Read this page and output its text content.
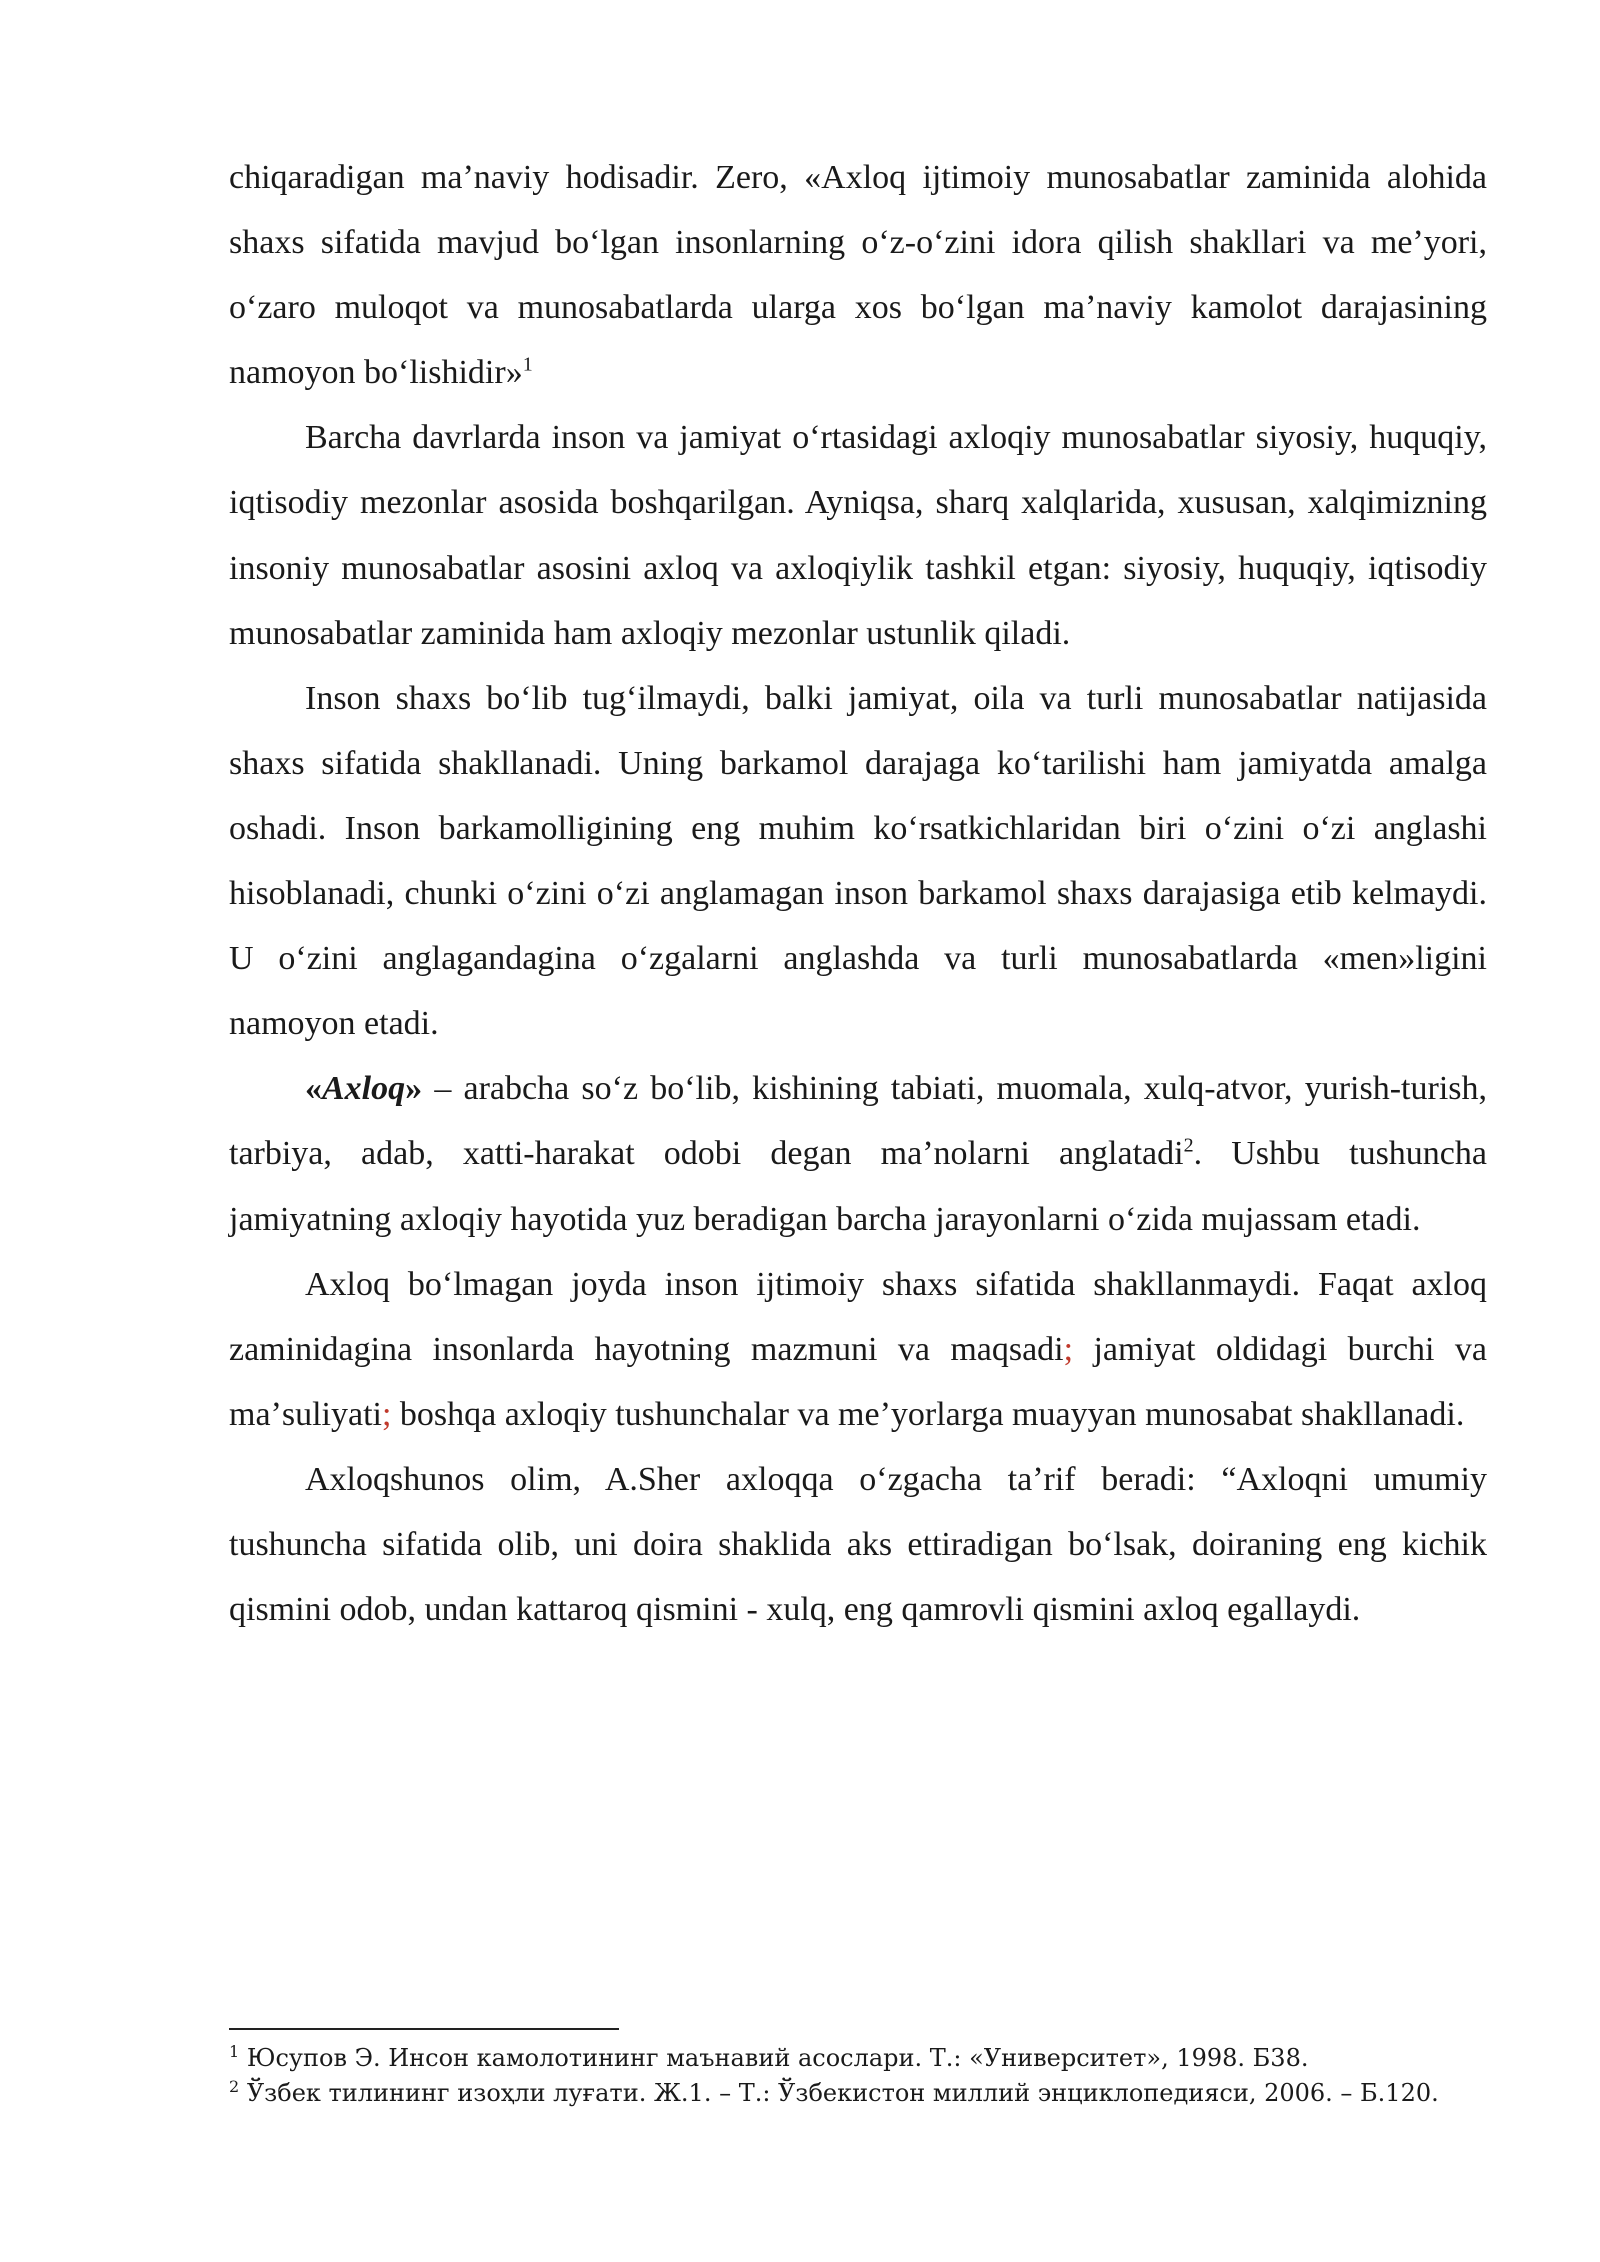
chiqaradigan maʼnaviy hodisadir. Zero, «Axloq ijtimoiy munosabatlar zaminida alohida shaxs sifatida mavjud boʻlgan insonlarning oʻz-oʻzini idora qilish shakllari va meʼyori, oʻzaro muloqot va munosabatlarda ularga xos boʻlgan maʼnaviy kamolot darajasining namoyon boʻlishidir»$^1$

Barcha davrlarda inson va jamiyat oʻrtasidagi axloqiy munosabatlar siyosiy, huquqiy, iqtisodiy mezonlar asosida boshqarilgan. Ayniqsa, sharq xalqlarida, xususan, xalqimizning insoniy munosabatlar asosini axloq va axloqiylik tashkil etgan: siyosiy, huquqiy, iqtisodiy munosabatlar zaminida ham axloqiy mezonlar ustunlik qiladi.

Inson shaxs boʻlib tugʻilmaydi, balki jamiyat, oila va turli munosabatlar natijasida shaxs sifatida shakllanadi. Uning barkamol darajaga koʻtarilishi ham jamiyatda amalga oshadi. Inson barkamolligining eng muhim koʻrsatkichlaridan biri oʻzini oʻzi anglashi hisoblanadi, chunki oʻzini oʻzi anglamagan inson barkamol shaxs darajasiga etib kelmaydi. U oʻzini anglagandagina oʻzgalarni anglashda va turli munosabatlarda «men»ligini namoyon etadi.

«Axloq» – arabcha soʻz boʻlib, kishining tabiati, muomala, xulq-atvor, yurish-turish, tarbiya, adab, xatti-harakat odobi degan maʼnolarni anglatadi$^2$. Ushbu tushuncha jamiyatning axloqiy hayotida yuz beradigan barcha jarayonlarni oʻzida mujassam etadi.

Axloq boʻlmagan joyda inson ijtimoiy shaxs sifatida shakllanmaydi. Faqat axloq zaminidagina insonlarda hayotning mazmuni va maqsadi; jamiyat oldidagi burchi va maʼsuliyati; boshqa axloqiy tushunchalar va meʼyorlarga muayyan munosabat shakllanadi.

Axloqshunos olim, A.Sher axloqqa oʻzgacha taʼrif beradi: “Axloqni umumiy tushuncha sifatida olib, uni doira shaklida aks ettiradigan boʻlsak, doiraning eng kichik qismini odob, undan kattaroq qismini - xulq, eng qamrovli qismini axloq egallaydi.

$^1$ Юсупов Э. Инсон камолотининг маънавий асослари. Т.: «Университет», 1998. Б38.

$^2$ Ўзбек тилининг изоҳли луғати. Ж.1. – Т.: Ўзбекистон миллий энциклопедияси, 2006. – Б.120.
